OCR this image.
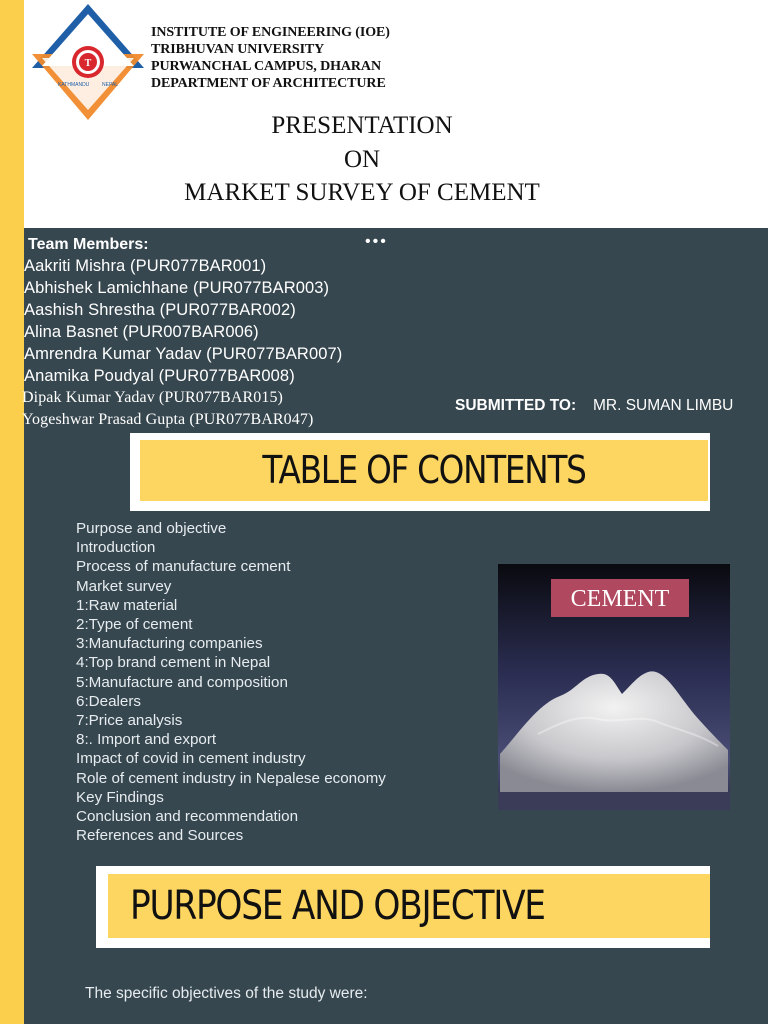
T
KATHMANDU	NEPAL
INSTITUTE OF ENGINEERING (IOE)
TRIBHUVAN UNIVERSITY
PURWANCHAL CAMPUS, DHARAN
DEPARTMENT OF ARCHITECTURE
PRESENTATION
ON
MARKET SURVEY OF CEMENT
Team Members:	•••
Aakriti Mishra (PUR077BAR001)
Abhishek Lamichhane (PUR077BAR003)
Aashish Shrestha (PUR077BAR002)
Alina Basnet (PUR007BAR006)
Amrendra Kumar Yadav (PUR077BAR007)
Anamika Poudyal (PUR077BAR008)
Dipak Kumar Yadav (PUR077BAR015)
Yogeshwar Prasad Gupta (PUR077BAR047)
SUBMITTED TO: MR. SUMAN LIMBU
TABLE OF CONTENTS
Purpose and objective
Introduction
Process of manufacture cement
Market survey
1:Raw material
2:Type of cement
3:Manufacturing companies
4:Top brand cement in Nepal
5:Manufacture and composition
6:Dealers
7:Price analysis
8:. Import and export
Impact of covid in cement industry
Role of cement industry in Nepalese economy
Key Findings
Conclusion and recommendation
References and Sources
CEMENT
PURPOSE AND OBJECTIVE
The specific objectives of the study were:
